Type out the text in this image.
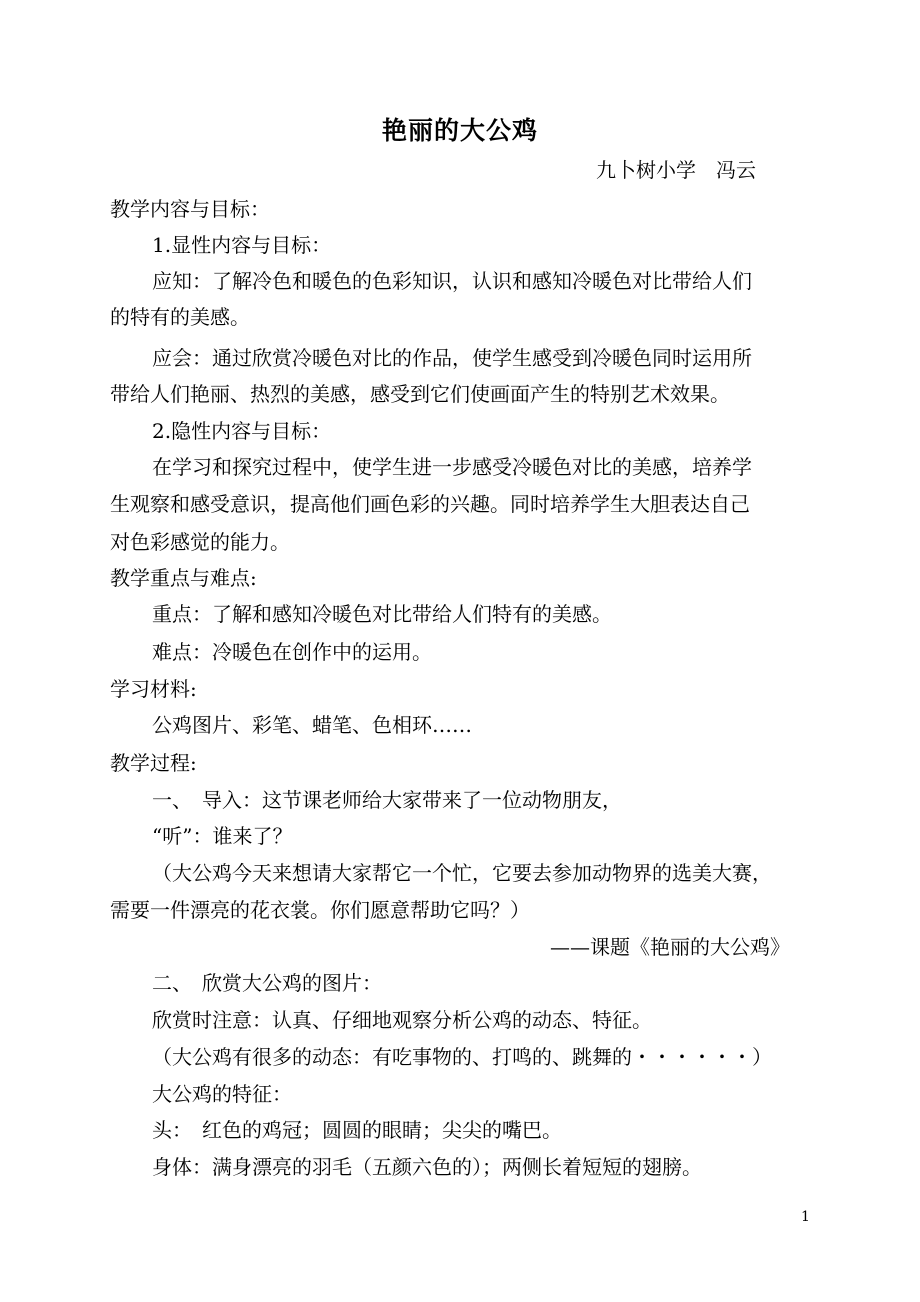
艳丽的大公鸡
九卜树小学　冯云
教学内容与目标：
1.显性内容与目标：
应知：了解冷色和暖色的色彩知识，认识和感知冷暖色对比带给人们
的特有的美感。
应会：通过欣赏冷暖色对比的作品，使学生感受到冷暖色同时运用所
带给人们艳丽、热烈的美感，感受到它们使画面产生的特别艺术效果。
2.隐性内容与目标：
在学习和探究过程中，使学生进一步感受冷暖色对比的美感，培养学
生观察和感受意识，提高他们画色彩的兴趣。同时培养学生大胆表达自己
对色彩感觉的能力。
教学重点与难点:
重点：了解和感知冷暖色对比带给人们特有的美感。
难点：冷暖色在创作中的运用。
学习材料:
公鸡图片、彩笔、蜡笔、色相环……
教学过程:
一、　导入：这节课老师给大家带来了一位动物朋友，
“听”：谁来了？
（大公鸡今天来想请大家帮它一个忙，它要去参加动物界的选美大赛，
需要一件漂亮的花衣裳。你们愿意帮助它吗？）
——课题《艳丽的大公鸡》
二、　欣赏大公鸡的图片：
欣赏时注意：认真、仔细地观察分析公鸡的动态、特征。
（大公鸡有很多的动态：有吃事物的、打鸣的、跳舞的・・・・・・）
大公鸡的特征：
头：　红色的鸡冠；圆圆的眼睛；尖尖的嘴巴。
身体：满身漂亮的羽毛（五颜六色的）；两侧长着短短的翅膀。
1
